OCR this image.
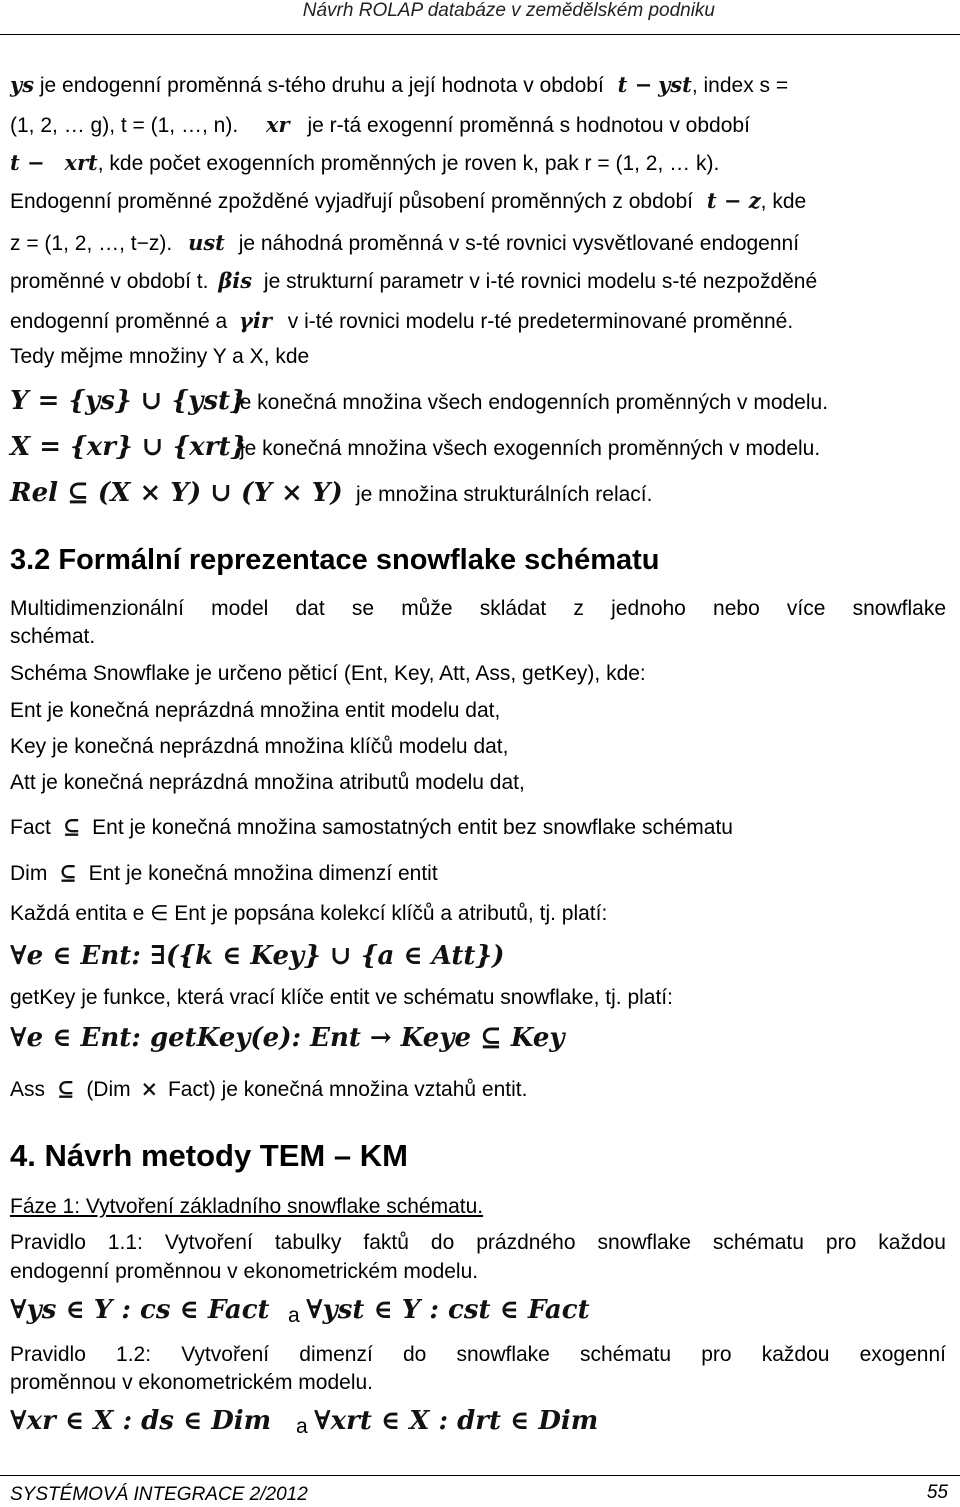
Návrh ROLAP databáze v zemědělském podniku
ys je endogenní proměnná s-tého druhu a její hodnota v období t − yst, index s =
(1, 2, … g), t = (1, …, n). xr je r-tá exogenní proměnná s hodnotou v období
t − xrt, kde počet exogenních proměnných je roven k, pak r = (1, 2, … k).
Endogenní proměnné zpožděné vyjadřují působení proměnných z období t − z, kde
z = (1, 2, …, t−z). ust je náhodná proměnná v s-té rovnici vysvětlované endogenní
proměnné v období t. βis je strukturní parametr v i-té rovnici modelu s-té nezpožděné
endogenní proměnné a γir v i-té rovnici modelu r-té predeterminované proměnné.
Tedy mějme množiny Y a X, kde
Y = {ys} ∪ {yst}
je konečná množina všech endogenních proměnných v modelu.
X = {xr} ∪ {xrt}
je konečná množina všech exogenních proměnných v modelu.
Rel ⊆ (X × Y) ∪ (Y × Y) je množina strukturálních relací.
3.2 Formální reprezentace snowflake schématu
Multidimenzionální model dat se může skládat z jednoho nebo více snowflake
schémat.
Schéma Snowflake je určeno pěticí (Ent, Key, Att, Ass, getKey), kde:
Ent je konečná neprázdná množina entit modelu dat,
Key je konečná neprázdná množina klíčů modelu dat,
Att je konečná neprázdná množina atributů modelu dat,
Fact ⊆ Ent je konečná množina samostatných entit bez snowflake schématu
Dim ⊆ Ent je konečná množina dimenzí entit
Každá entita e ∈ Ent je popsána kolekcí klíčů a atributů, tj. platí:
∀e ∈ Ent: ∃({k ∈ Key} ∪ {a ∈ Att})
getKey je funkce, která vrací klíče entit ve schématu snowflake, tj. platí:
∀e ∈ Ent: getKey(e): Ent → Keye ⊆ Key
Ass ⊆ (Dim × Fact) je konečná množina vztahů entit.
4. Návrh metody TEM – KM
Fáze 1: Vytvoření základního snowflake schématu.
Pravidlo 1.1: Vytvoření tabulky faktů do prázdného snowflake schématu pro každou
endogenní proměnnou v ekonometrickém modelu.
∀ys ∈ Y : cs ∈ Fact a ∀yst ∈ Y : cst ∈ Fact
Pravidlo 1.2: Vytvoření dimenzí do snowflake schématu pro každou exogenní
proměnnou v ekonometrickém modelu.
∀xr ∈ X : ds ∈ Dim a ∀xrt ∈ X : drt ∈ Dim
SYSTÉMOVÁ INTEGRACE 2/2012	55
